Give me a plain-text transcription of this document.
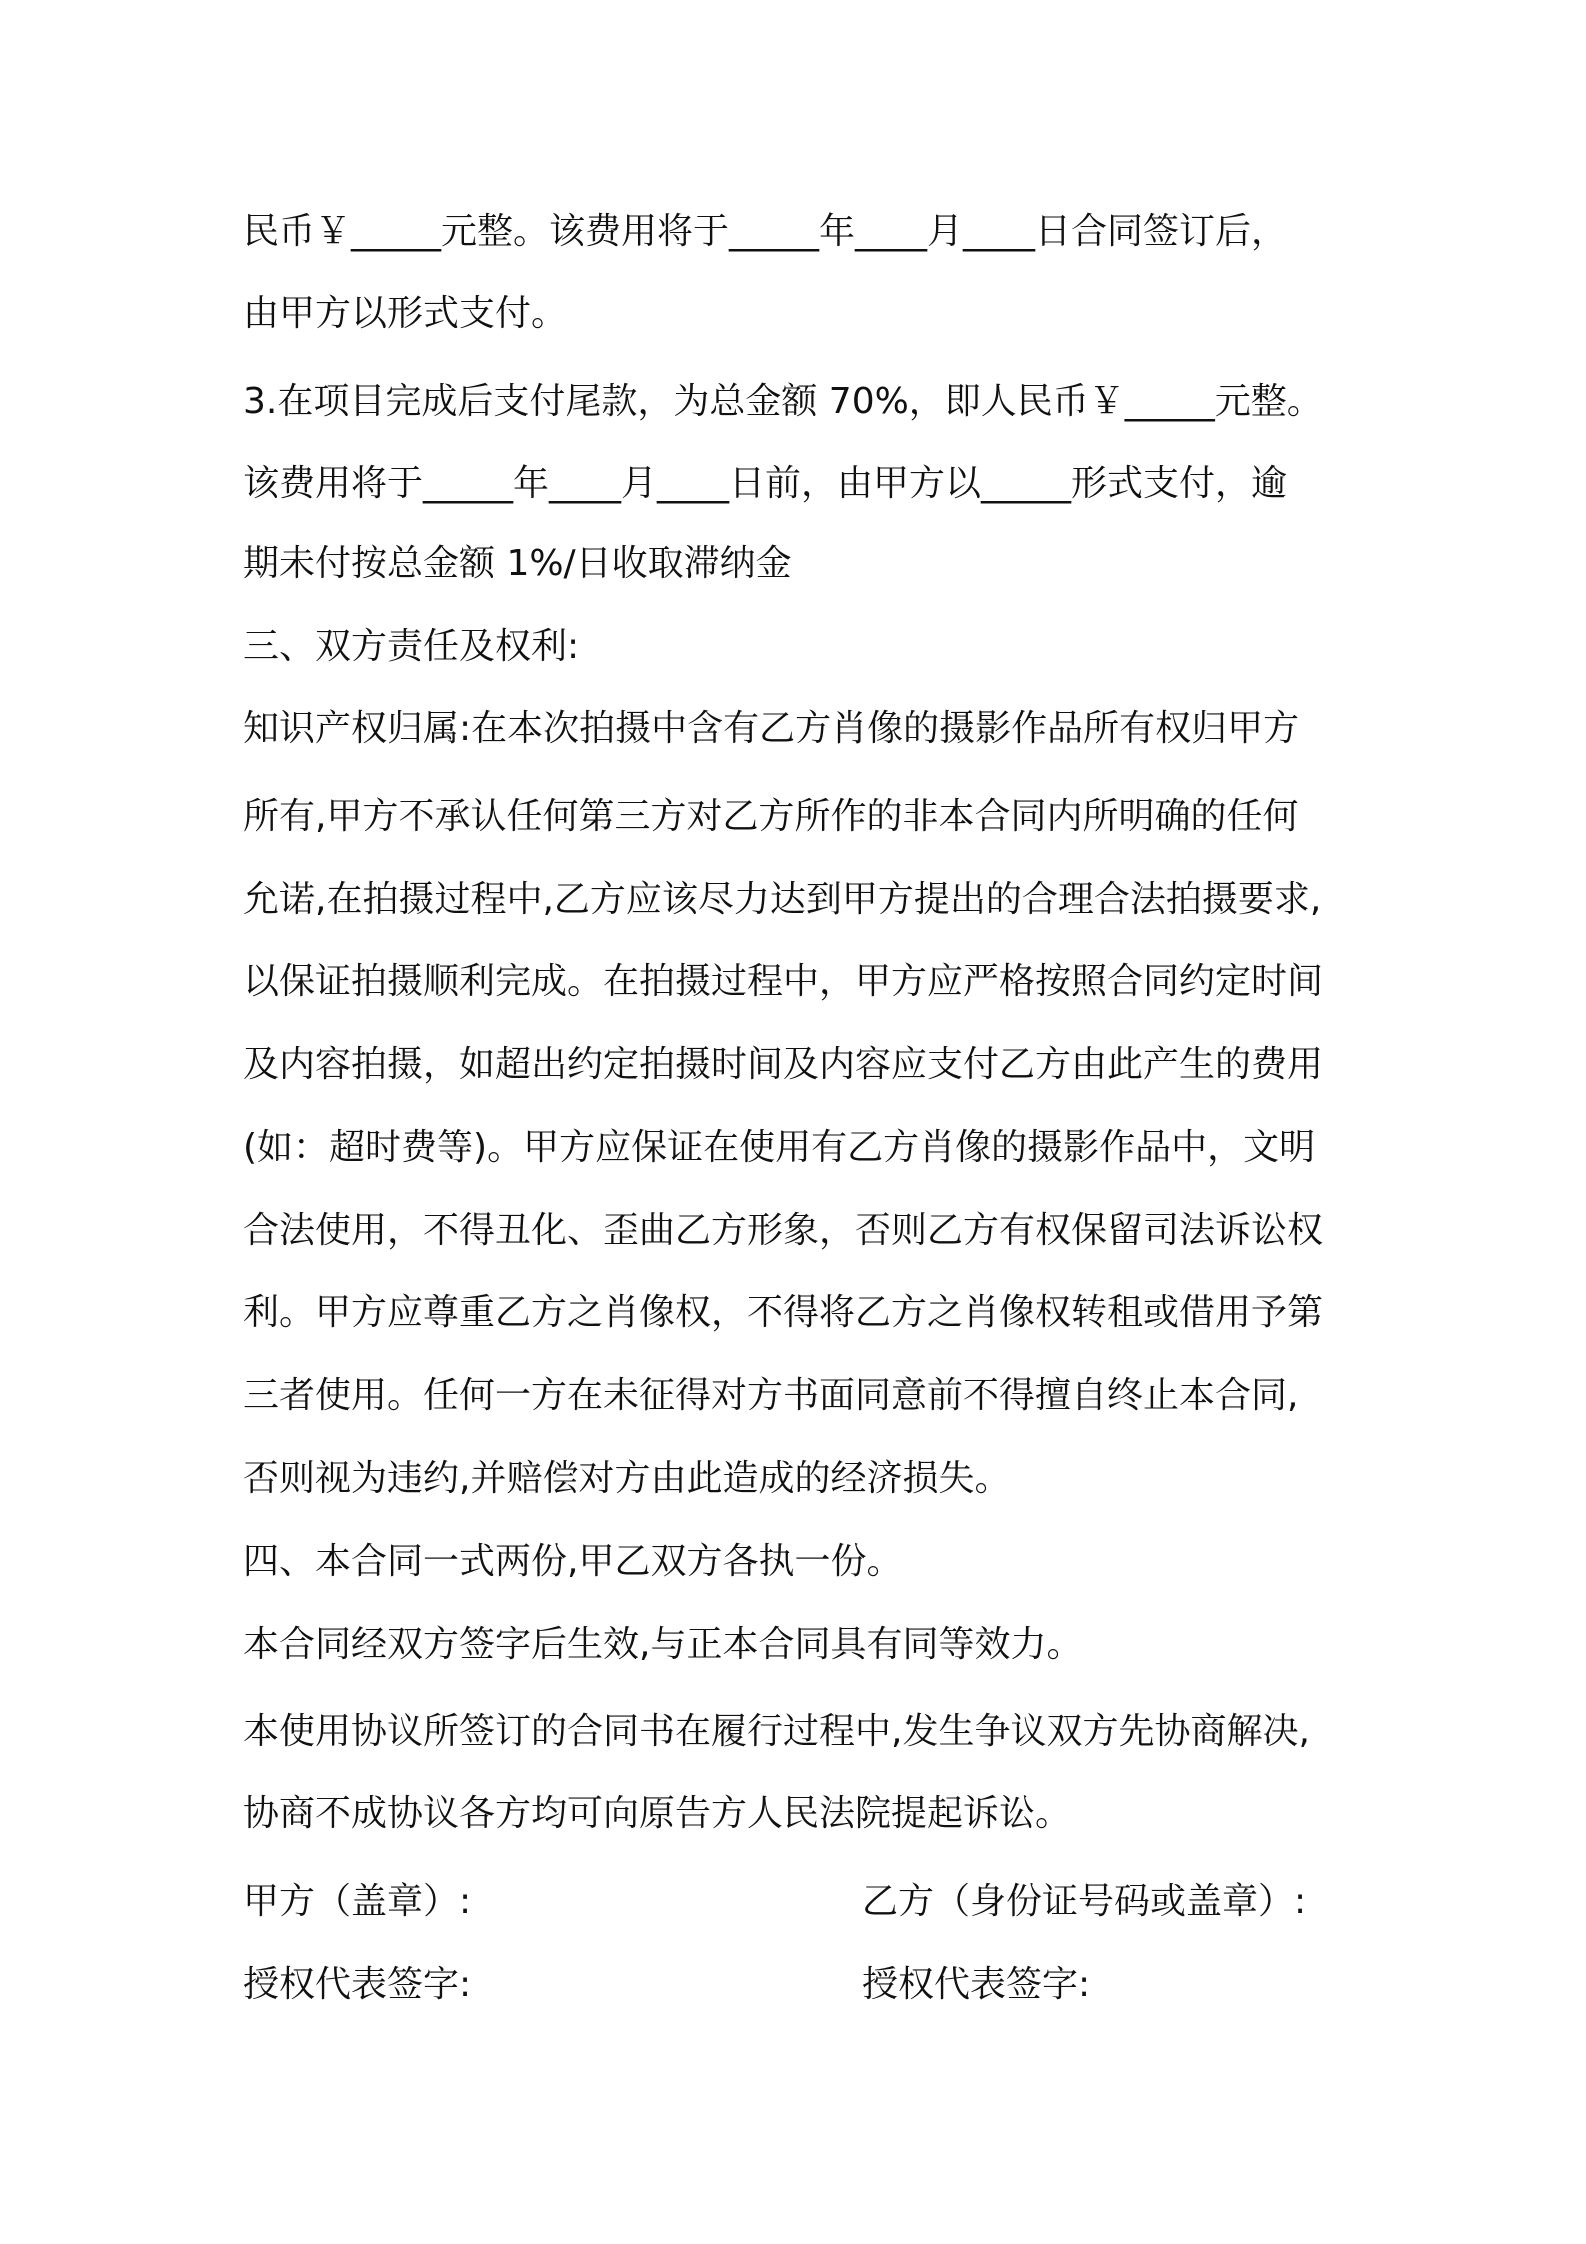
民币￥_____元整。该费用将于_____年____月____日合同签订后，

由甲方以形式支付。

3.在项目完成后支付尾款，为总金额 70%，即人民币￥_____元整。

该费用将于_____年____月____日前，由甲方以_____形式支付，逾

期未付按总金额 1%/日收取滞纳金

三、双方责任及权利:

知识产权归属:在本次拍摄中含有乙方肖像的摄影作品所有权归甲方

所有,甲方不承认任何第三方对乙方所作的非本合同内所明确的任何

允诺,在拍摄过程中,乙方应该尽力达到甲方提出的合理合法拍摄要求,

以保证拍摄顺利完成。在拍摄过程中，甲方应严格按照合同约定时间

及内容拍摄，如超出约定拍摄时间及内容应支付乙方由此产生的费用

(如：超时费等)。甲方应保证在使用有乙方肖像的摄影作品中，文明

合法使用，不得丑化、歪曲乙方形象，否则乙方有权保留司法诉讼权

利。甲方应尊重乙方之肖像权，不得将乙方之肖像权转租或借用予第

三者使用。任何一方在未征得对方书面同意前不得擅自终止本合同,

否则视为违约,并赔偿对方由此造成的经济损失。

四、本合同一式两份,甲乙双方各执一份。

本合同经双方签字后生效,与正本合同具有同等效力。

本使用协议所签订的合同书在履行过程中,发生争议双方先协商解决,

协商不成协议各方均可向原告方人民法院提起诉讼。

甲方（盖章）:	乙方（身份证号码或盖章）:

授权代表签字:	授权代表签字:
